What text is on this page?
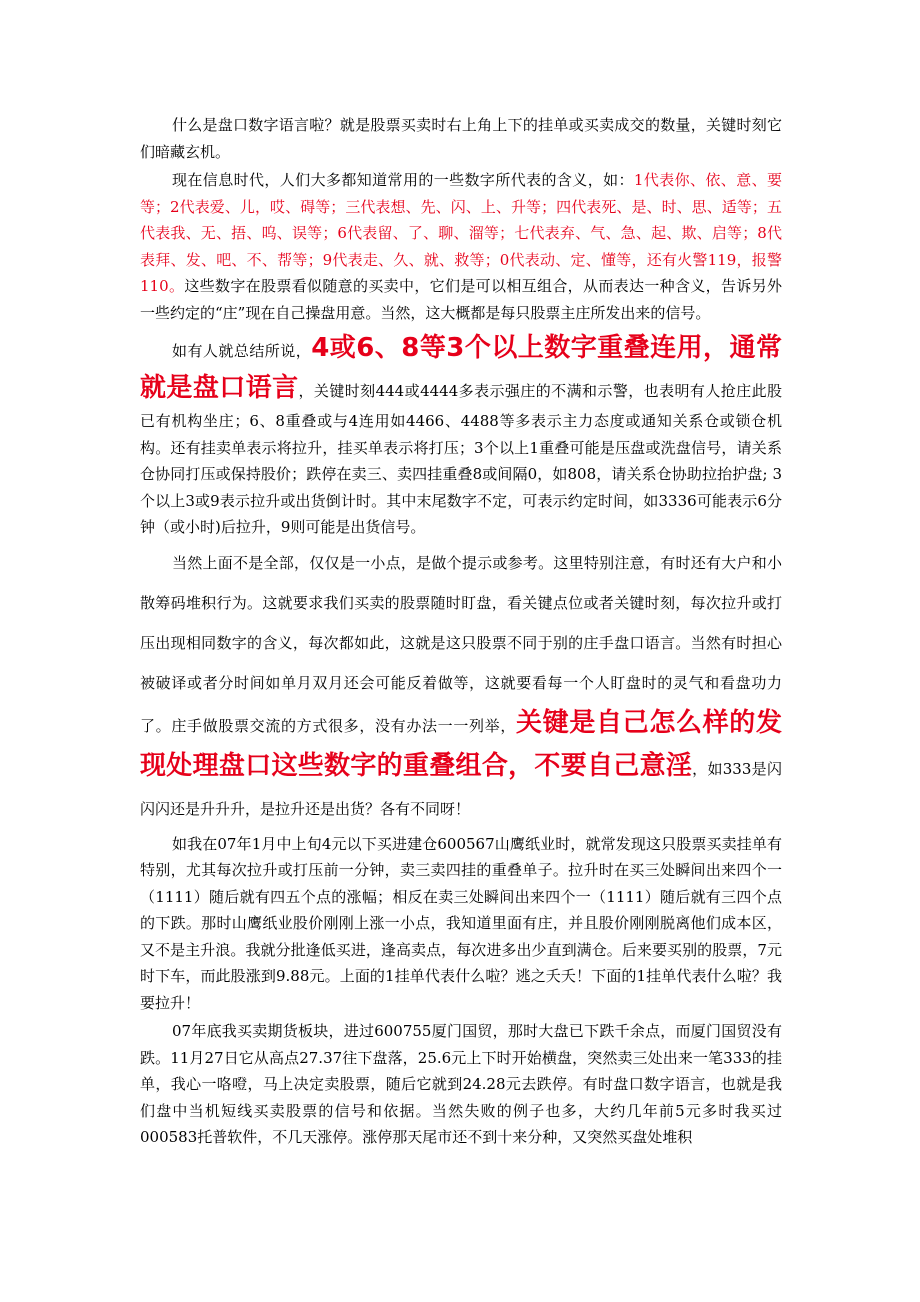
什么是盘口数字语言啦？就是股票买卖时右上角上下的挂单或买卖成交的数量，关键时刻它们暗藏玄机。

现在信息时代，人们大多都知道常用的一些数字所代表的含义，如：1代表你、依、意、要等；2代表爱、儿，哎、碍等；三代表想、先、闪、上、升等；四代表死、是、时、思、适等；五代表我、无、捂、呜、误等；6代表留、了、聊、溜等；七代表弃、气、急、起、欺、启等；8代表拜、发、吧、不、帮等；9代表走、久、就、救等；0代表动、定、懂等，还有火警119，报警110。这些数字在股票看似随意的买卖中，它们是可以相互组合，从而表达一种含义，告诉另外一些约定的“庄”现在自己操盘用意。当然，这大概都是每只股票主庄所发出来的信号。

如有人就总结所说，4或6、8等3个以上数字重叠连用，通常就是盘口语言，关键时刻444或4444多表示强庄的不满和示警，也表明有人抢庄此股已有机构坐庄；6、8重叠或与4连用如4466、4488等多表示主力态度或通知关系仓或锁仓机构。还有挂卖单表示将拉升，挂买单表示将打压；3个以上1重叠可能是压盘或洗盘信号，请关系仓协同打压或保持股价；跌停在卖三、卖四挂重叠8或间隔0，如808，请关系仓协助拉抬护盘; 3个以上3或9表示拉升或出货倒计时。其中末尾数字不定，可表示约定时间，如3336可能表示6分钟（或小时)后拉升，9则可能是出货信号。

当然上面不是全部，仅仅是一小点，是做个提示或参考。这里特别注意，有时还有大户和小散筹码堆积行为。这就要求我们买卖的股票随时盯盘，看关键点位或者关键时刻，每次拉升或打压出现相同数字的含义，每次都如此，这就是这只股票不同于别的庄手盘口语言。当然有时担心被破译或者分时间如单月双月还会可能反着做等，这就要看每一个人盯盘时的灵气和看盘功力了。庄手做股票交流的方式很多，没有办法一一列举，关键是自己怎么样的发现处理盘口这些数字的重叠组合，不要自己意淫，如333是闪闪闪还是升升升，是拉升还是出货？各有不同呀！

如我在07年1月中上旬4元以下买进建仓600567山鹰纸业时，就常发现这只股票买卖挂单有特别，尤其每次拉升或打压前一分钟，卖三卖四挂的重叠单子。拉升时在买三处瞬间出来四个一（1111）随后就有四五个点的涨幅；相反在卖三处瞬间出来四个一（1111）随后就有三四个点的下跌。那时山鹰纸业股价刚刚上涨一小点，我知道里面有庄，并且股价刚刚脱离他们成本区，又不是主升浪。我就分批逢低买进，逢高卖点，每次进多出少直到满仓。后来要买别的股票，7元时下车，而此股涨到9.88元。上面的1挂单代表什么啦？逃之夭夭！下面的1挂单代表什么啦？我要拉升！

07年底我买卖期货板块，进过600755厦门国贸，那时大盘已下跌千余点，而厦门国贸没有跌。11月27日它从高点27.37往下盘落，25.6元上下时开始横盘，突然卖三处出来一笔333的挂单，我心一咯噔，马上决定卖股票，随后它就到24.28元去跌停。有时盘口数字语言，也就是我们盘中当机短线买卖股票的信号和依据。当然失败的例子也多，大约几年前5元多时我买过000583托普软件，不几天涨停。涨停那天尾市还不到十来分种，又突然买盘处堆积
